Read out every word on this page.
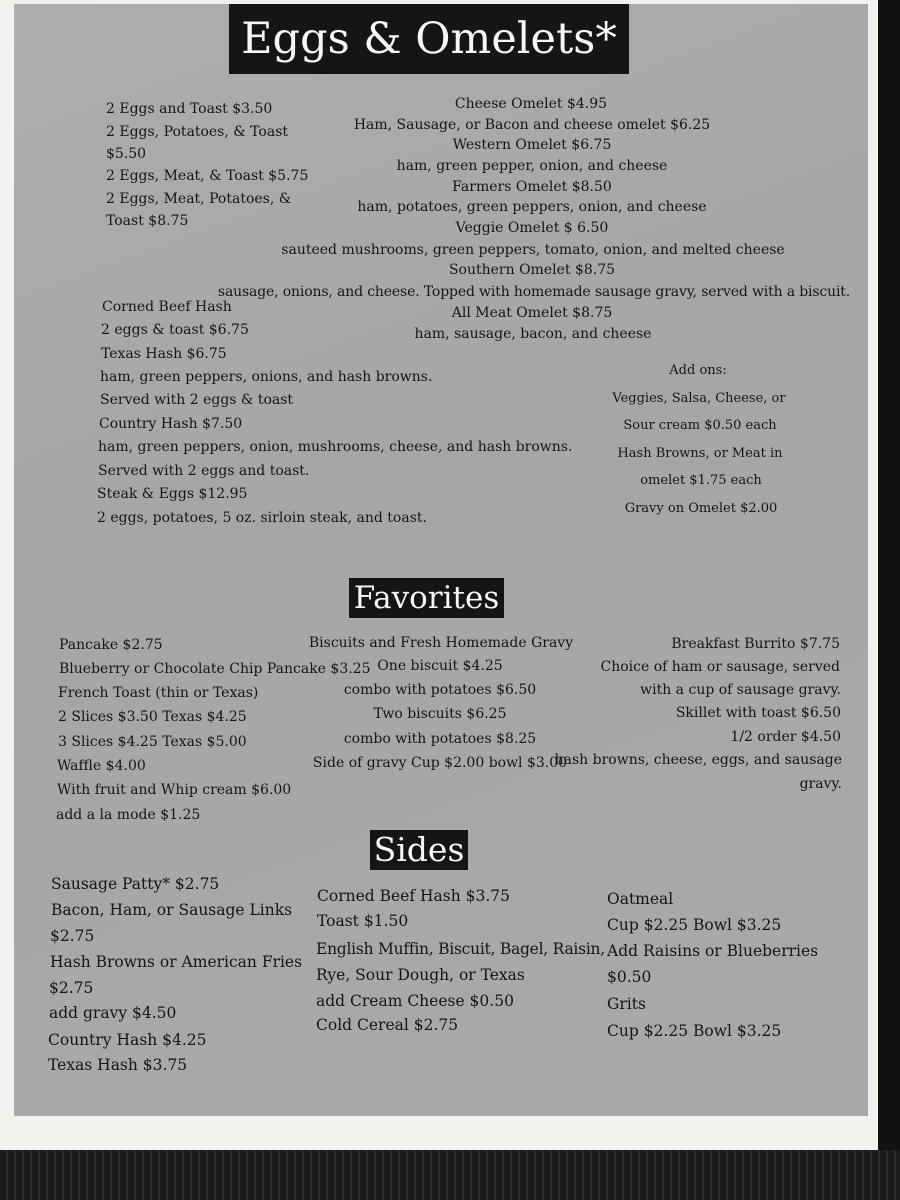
Eggs & Omelets*
Favorites
Sides
2 Eggs and Toast $3.50
2 Eggs, Potatoes, & Toast
$5.50
2 Eggs, Meat, & Toast $5.75
2 Eggs, Meat, Potatoes, &
Toast $8.75
Cheese Omelet $4.95
Ham, Sausage, or Bacon and cheese omelet $6.25
Western Omelet $6.75
ham, green pepper, onion, and cheese
Farmers Omelet $8.50
ham, potatoes, green peppers, onion, and cheese
Veggie Omelet $ 6.50
sauteed mushrooms, green peppers, tomato, onion, and melted cheese
Southern Omelet $8.75
sausage, onions, and cheese. Topped with homemade sausage gravy, served with a biscuit.
All Meat Omelet $8.75
ham, sausage, bacon, and cheese
Corned Beef Hash
2 eggs & toast $6.75
Texas Hash $6.75
ham, green peppers, onions, and hash browns.
Served with 2 eggs & toast
Country Hash $7.50
ham, green peppers, onion, mushrooms, cheese, and hash browns.
Served with 2 eggs and toast.
Steak & Eggs $12.95
2 eggs, potatoes, 5 oz. sirloin steak, and toast.
Add ons:
Veggies, Salsa, Cheese, or
Sour cream $0.50 each
Hash Browns, or Meat in
omelet $1.75 each
Gravy on Omelet $2.00
Pancake $2.75
Blueberry or Chocolate Chip Pancake $3.25
French Toast (thin or Texas)
2 Slices $3.50 Texas $4.25
3 Slices $4.25 Texas $5.00
Waffle $4.00
With fruit and Whip cream $6.00
add a la mode $1.25
Biscuits and Fresh Homemade Gravy
One biscuit $4.25
combo with potatoes $6.50
Two biscuits $6.25
combo with potatoes $8.25
Side of gravy Cup $2.00 bowl $3.00
Breakfast Burrito $7.75
Choice of ham or sausage, served
with a cup of sausage gravy.
Skillet with toast $6.50
1/2 order $4.50
hash browns, cheese, eggs, and sausage
gravy.
Sausage Patty* $2.75
Bacon, Ham, or Sausage Links
$2.75
Hash Browns or American Fries
$2.75
add gravy $4.50
Country Hash $4.25
Texas Hash $3.75
Corned Beef Hash $3.75
Toast $1.50
English Muffin, Biscuit, Bagel, Raisin,
Rye, Sour Dough, or Texas
add Cream Cheese $0.50
Cold Cereal $2.75
Oatmeal
Cup $2.25 Bowl $3.25
Add Raisins or Blueberries
$0.50
Grits
Cup $2.25 Bowl $3.25
